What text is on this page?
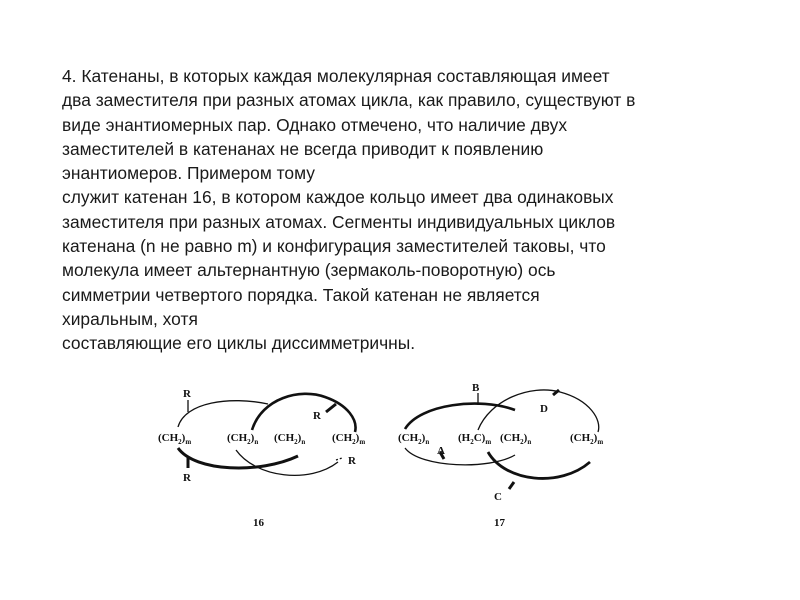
4. Катенаны, в которых каждая молекулярная составляющая имеет
два заместителя при разных атомах цикла, как правило, существуют в
виде энантиомерных пар. Однако отмечено, что наличие двух
заместителей в катенанах не всегда приводит к появлению
энантиомеров. Примером тому
служит катенан 16, в котором каждое кольцо имеет два одинаковых
заместителя при разных атомах. Сегменты индивидуальных циклов
катенана (n не равно m) и конфигурация заместителей таковы, что
молекула имеет альтернантную (зермаколь-поворотную) ось
симметрии четвертого порядка. Такой катенан не является
хиральным, хотя
составляющие его циклы диссимметричны.
R
R
R
R
$(CH_2)_m$	$(CH_2)_n$ $(CH_2)_n$ $(CH_2)_m$
16
B
A
D
C
$(CH_2)_n$	$(H_2C)_m$ $(CH_2)_n$	$(CH_2)_m$
17
